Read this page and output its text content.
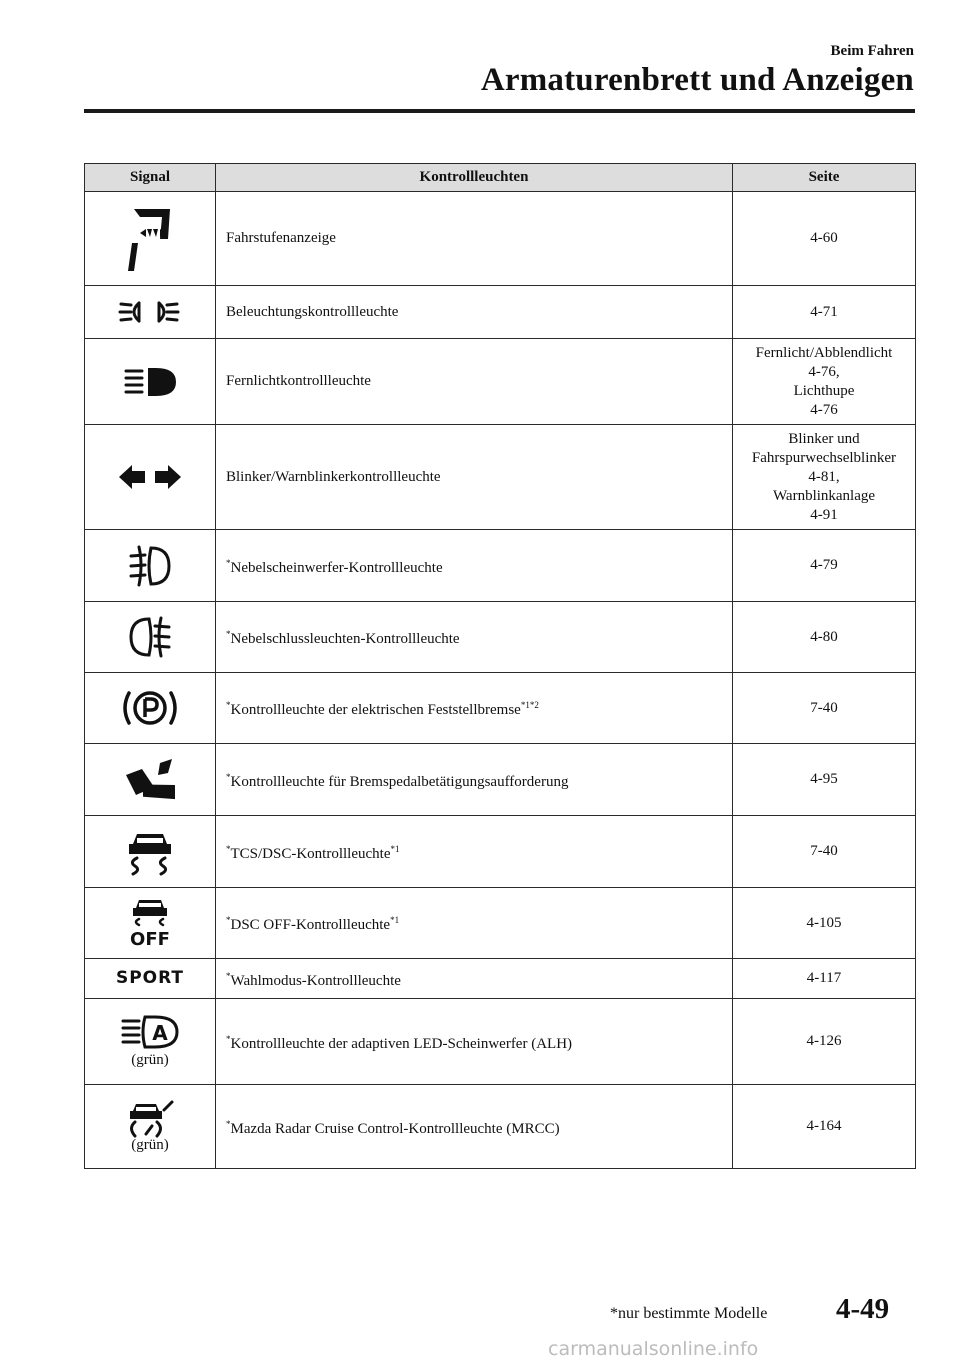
Beim Fahren
Armaturenbrett und Anzeigen
Signal	Kontrollleuchten	Seite

	Fahrstufenanzeige	4-60

	Beleuchtungskontrollleuchte	4-71

	Fernlichtkontrollleuchte	Fernlicht/Abblendlicht
4-76,
Lichthupe
4-76

	Blinker/Warnblinkerkontrollleuchte	Blinker und
Fahrspurwechselblinker
4-81,
Warnblinkanlage
4-91

	*Nebelscheinwerfer-Kontrollleuchte	4-79

	*Nebelschlussleuchten-Kontrollleuchte	4-80

	*Kontrollleuchte der elektrischen Feststellbremse$^{*1*2}$	7-40

	*Kontrollleuchte für Bremspedalbetätigungsaufforderung	4-95

	*TCS/DSC-Kontrollleuchte$^{*1}$	7-40

OFF	*DSC OFF-Kontrollleuchte$^{*1}$	4-105

SPORT	*Wahlmodus-Kontrollleuchte	4-117

A
(grün)	*Kontrollleuchte der adaptiven LED-Scheinwerfer (ALH)	4-126

(grün)	*Mazda Radar Cruise Control-Kontrollleuchte (MRCC)	4-164
*nur bestimmte Modelle 4-49
carmanualsonline.info
